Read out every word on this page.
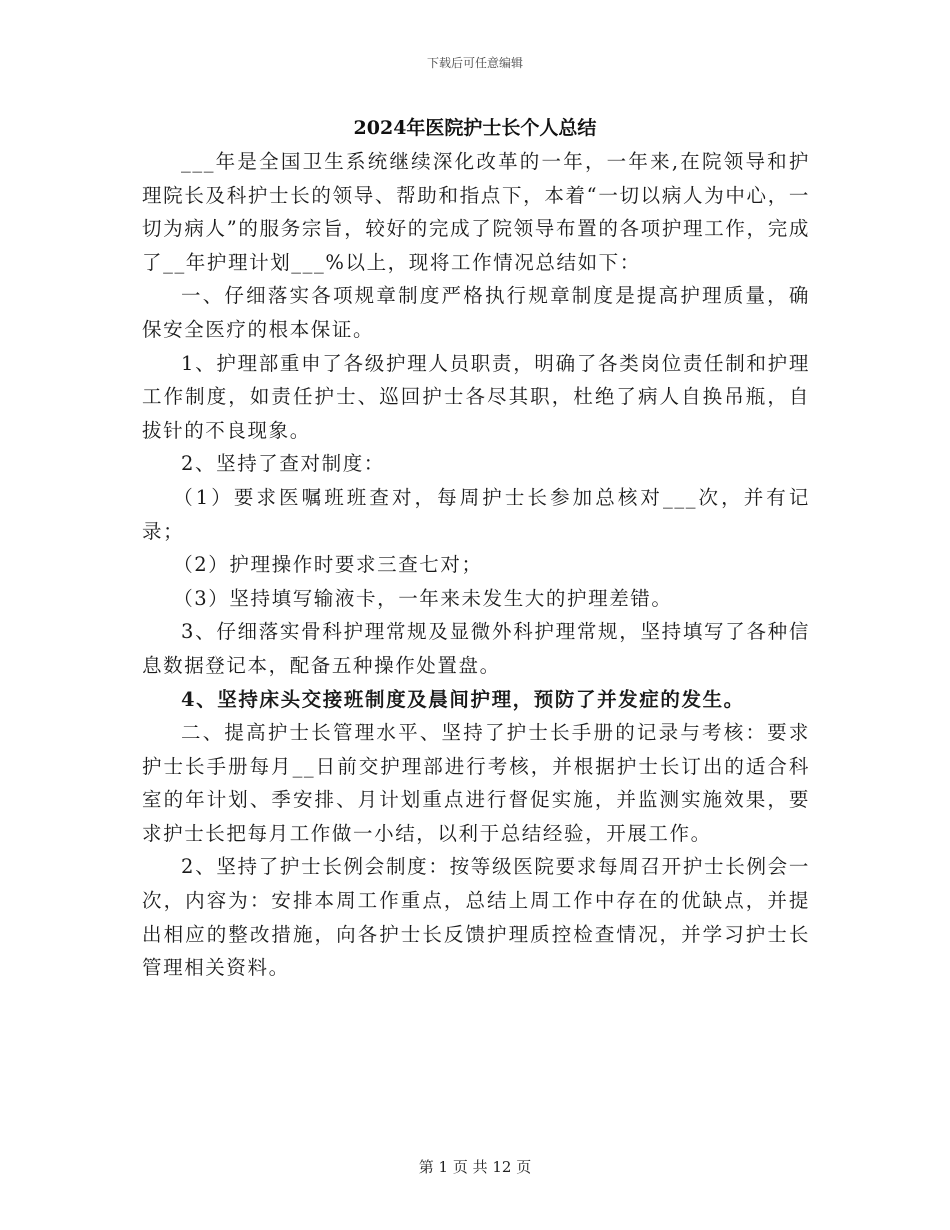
下载后可任意编辑
2024年医院护士长个人总结

___年是全国卫生系统继续深化改革的一年，一年来,在院领导和护理院长及科护士长的领导、帮助和指点下，本着“一切以病人为中心，一切为病人”的服务宗旨，较好的完成了院领导布置的各项护理工作，完成了__年护理计划___%以上，现将工作情况总结如下：

一、仔细落实各项规章制度严格执行规章制度是提高护理质量，确保安全医疗的根本保证。

1、护理部重申了各级护理人员职责，明确了各类岗位责任制和护理工作制度，如责任护士、巡回护士各尽其职，杜绝了病人自换吊瓶，自拔针的不良现象。

2、坚持了查对制度：

（1）要求医嘱班班查对，每周护士长参加总核对___次，并有记录；

（2）护理操作时要求三查七对；

（3）坚持填写输液卡，一年来未发生大的护理差错。

3、仔细落实骨科护理常规及显微外科护理常规，坚持填写了各种信息数据登记本，配备五种操作处置盘。

4、坚持床头交接班制度及晨间护理，预防了并发症的发生。

二、提高护士长管理水平、坚持了护士长手册的记录与考核：要求护士长手册每月__日前交护理部进行考核，并根据护士长订出的适合科室的年计划、季安排、月计划重点进行督促实施，并监测实施效果，要求护士长把每月工作做一小结，以利于总结经验，开展工作。

2、坚持了护士长例会制度：按等级医院要求每周召开护士长例会一次，内容为：安排本周工作重点，总结上周工作中存在的优缺点，并提出相应的整改措施，向各护士长反馈护理质控检查情况，并学习护士长管理相关资料。

第 1 页 共 12 页
